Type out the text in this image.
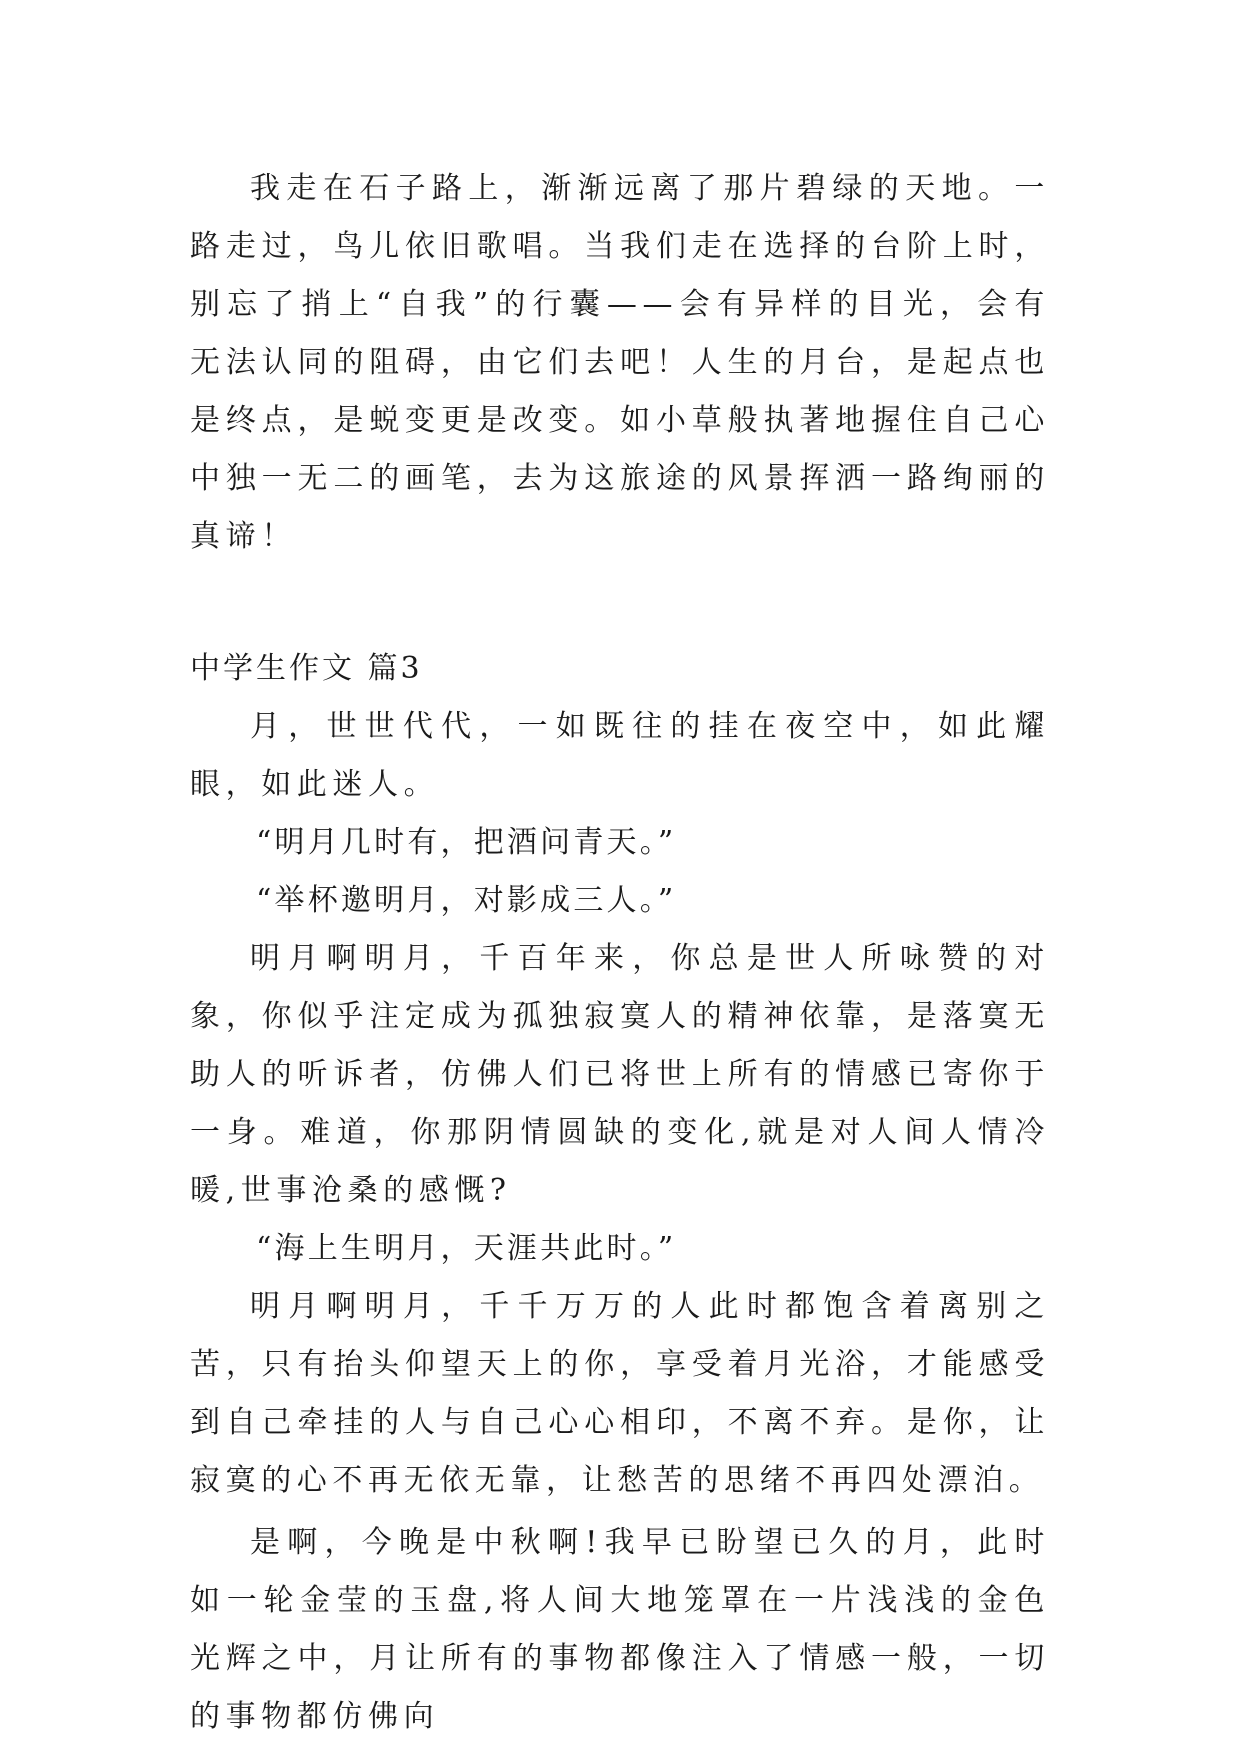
我走在石子路上，渐渐远离了那片碧绿的天地。一路走过，鸟儿依旧歌唱。当我们走在选择的台阶上时，别忘了捎上“自我”的行囊——会有异样的目光，会有无法认同的阻碍，由它们去吧！人生的月台，是起点也是终点，是蜕变更是改变。如小草般执著地握住自己心中独一无二的画笔，去为这旅途的风景挥洒一路绚丽的真谛！

中学生作文 篇3

月，世世代代，一如既往的挂在夜空中，如此耀眼，如此迷人。

“明月几时有，把酒问青天。”

“举杯邀明月，对影成三人。”

明月啊明月，千百年来，你总是世人所咏赞的对象，你似乎注定成为孤独寂寞人的精神依靠，是落寞无助人的听诉者，仿佛人们已将世上所有的情感已寄你于一身。难道，你那阴情圆缺的变化,就是对人间人情冷暖,世事沧桑的感慨?

“海上生明月，天涯共此时。”

明月啊明月，千千万万的人此时都饱含着离别之苦，只有抬头仰望天上的你，享受着月光浴，才能感受到自己牵挂的人与自己心心相印，不离不弃。是你，让寂寞的心不再无依无靠，让愁苦的思绪不再四处漂泊。

是啊，今晚是中秋啊!我早已盼望已久的月，此时如一轮金莹的玉盘,将人间大地笼罩在一片浅浅的金色光辉之中，月让所有的事物都像注入了情感一般，一切的事物都仿佛向
